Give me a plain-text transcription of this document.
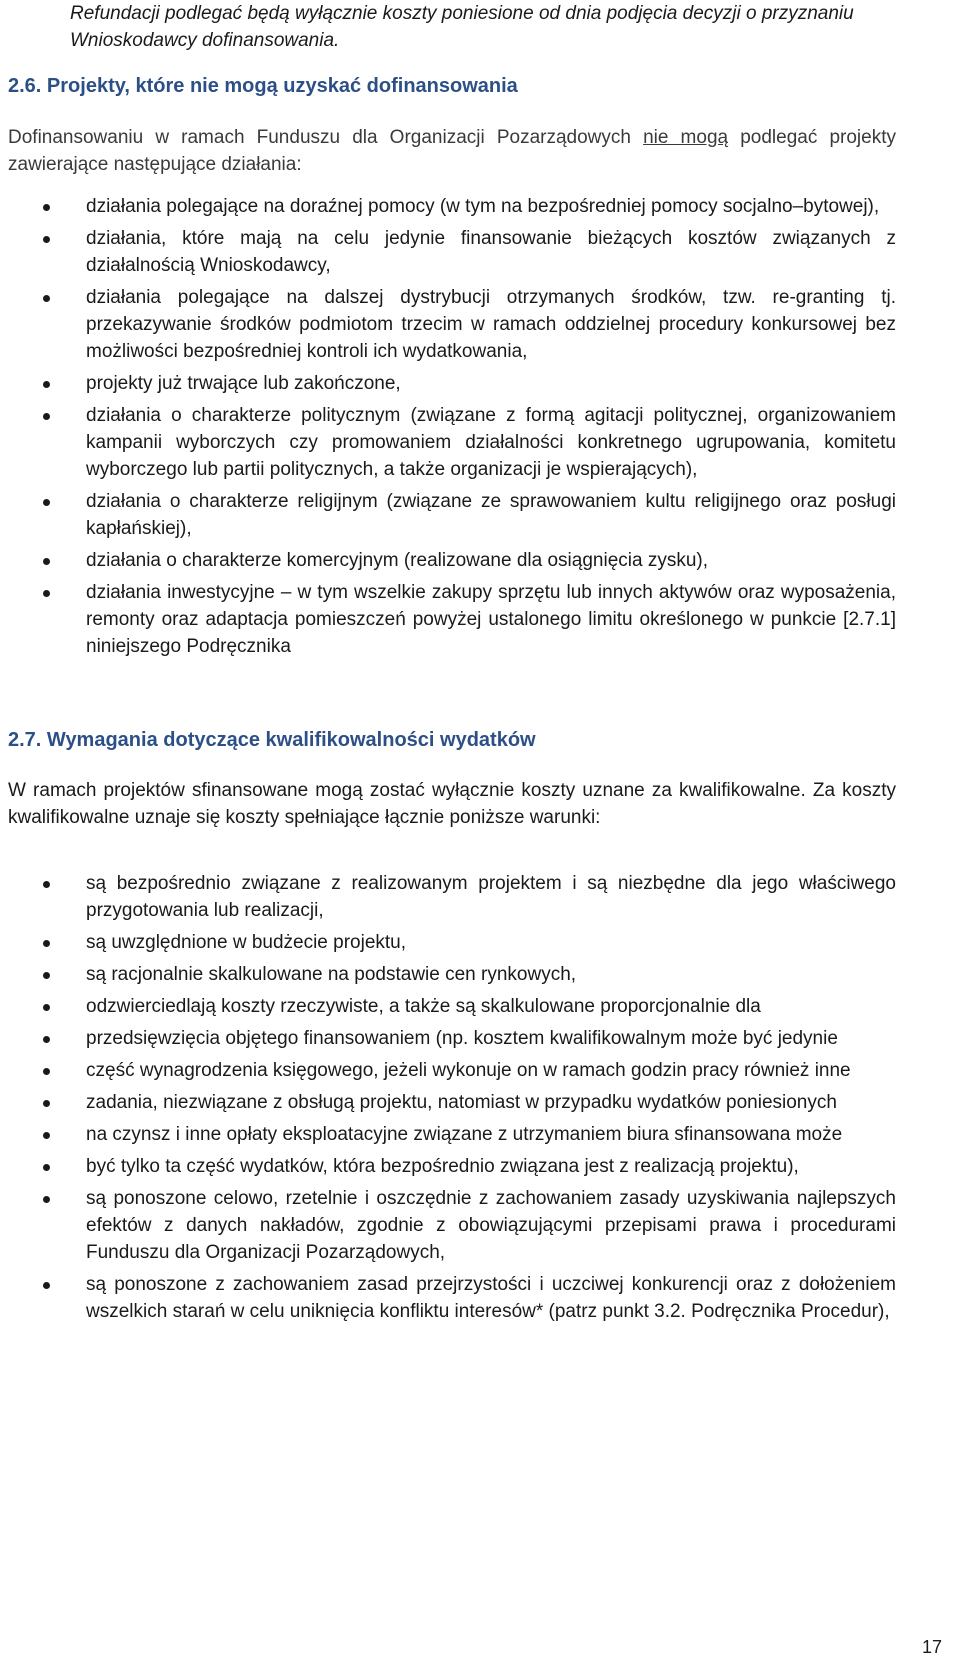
Refundacji podlegać będą wyłącznie koszty poniesione od dnia podjęcia decyzji o przyznaniu Wnioskodawcy dofinansowania.

2.6. Projekty, które nie mogą uzyskać dofinansowania

Dofinansowaniu w ramach Funduszu dla Organizacji Pozarządowych nie mogą podlegać projekty zawierające następujące działania:

działania polegające na doraźnej pomocy (w tym na bezpośredniej pomocy socjalno–bytowej),
działania, które mają na celu jedynie finansowanie bieżących kosztów związanych z działalnością Wnioskodawcy,
działania polegające na dalszej dystrybucji otrzymanych środków, tzw. re-granting tj. przekazywanie środków podmiotom trzecim w ramach oddzielnej procedury konkursowej bez możliwości bezpośredniej kontroli ich wydatkowania,
projekty już trwające lub zakończone,
działania o charakterze politycznym (związane z formą agitacji politycznej, organizowaniem kampanii wyborczych czy promowaniem działalności konkretnego ugrupowania, komitetu wyborczego lub partii politycznych, a także organizacji je wspierających),
działania o charakterze religijnym (związane ze sprawowaniem kultu religijnego oraz posługi kapłańskiej),
działania o charakterze komercyjnym (realizowane dla osiągnięcia zysku),
działania inwestycyjne – w tym wszelkie zakupy sprzętu lub innych aktywów oraz wyposażenia, remonty oraz adaptacja pomieszczeń powyżej ustalonego limitu określonego w punkcie [2.7.1] niniejszego Podręcznika
2.7. Wymagania dotyczące kwalifikowalności wydatków

W ramach projektów sfinansowane mogą zostać wyłącznie koszty uznane za kwalifikowalne. Za koszty kwalifikowalne uznaje się koszty spełniające łącznie poniższe warunki:

są bezpośrednio związane z realizowanym projektem i są niezbędne dla jego właściwego przygotowania lub realizacji,
są uwzględnione w budżecie projektu,
są racjonalnie skalkulowane na podstawie cen rynkowych,
odzwierciedlają koszty rzeczywiste, a także są skalkulowane proporcjonalnie dla
przedsięwzięcia objętego finansowaniem (np. kosztem kwalifikowalnym może być jedynie
część wynagrodzenia księgowego, jeżeli wykonuje on w ramach godzin pracy również inne
zadania, niezwiązane z obsługą projektu, natomiast w przypadku wydatków poniesionych
na czynsz i inne opłaty eksploatacyjne związane z utrzymaniem biura sfinansowana może
być tylko ta część wydatków, która bezpośrednio związana jest z realizacją projektu),
są ponoszone celowo, rzetelnie i oszczędnie z zachowaniem zasady uzyskiwania najlepszych efektów z danych nakładów, zgodnie z obowiązującymi przepisami prawa i procedurami Funduszu dla Organizacji Pozarządowych,
są ponoszone z zachowaniem zasad przejrzystości i uczciwej konkurencji oraz z dołożeniem wszelkich starań w celu uniknięcia konfliktu interesów* (patrz punkt 3.2. Podręcznika Procedur),
17
